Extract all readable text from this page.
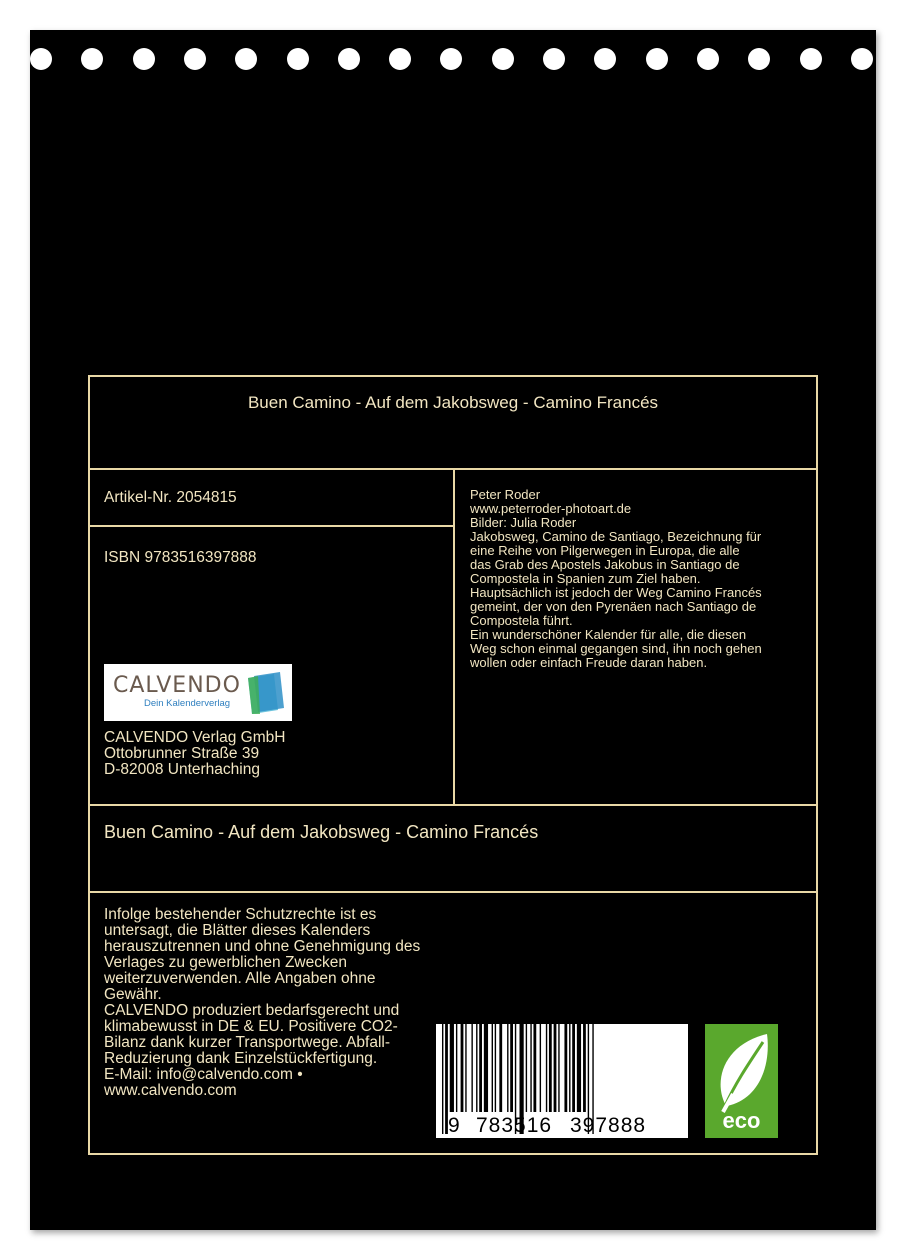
Buen Camino - Auf dem Jakobsweg - Camino Francés
Artikel-Nr. 2054815
ISBN 9783516397888
CALVENDO
Dein Kalenderverlag
CALVENDO Verlag GmbH
Ottobrunner Straße 39
D-82008 Unterhaching
Peter Roder
www.peterroder-photoart.de
Bilder: Julia Roder
Jakobsweg, Camino de Santiago, Bezeichnung für
eine Reihe von Pilgerwegen in Europa, die alle
das Grab des Apostels Jakobus in Santiago de
Compostela in Spanien zum Ziel haben.
Hauptsächlich ist jedoch der Weg Camino Francés
gemeint, der von den Pyrenäen nach Santiago de
Compostela führt.
Ein wunderschöner Kalender für alle, die diesen
Weg schon einmal gegangen sind, ihn noch gehen
wollen oder einfach Freude daran haben.
Buen Camino - Auf dem Jakobsweg - Camino Francés
Infolge bestehender Schutzrechte ist es
untersagt, die Blätter dieses Kalenders
herauszutrennen und ohne Genehmigung des
Verlages zu gewerblichen Zwecken
weiterzuverwenden. Alle Angaben ohne
Gewähr.
CALVENDO produziert bedarfsgerecht und
klimabewusst in DE & EU. Positivere CO2-
Bilanz dank kurzer Transportwege. Abfall-
Reduzierung dank Einzelstückfertigung.
E-Mail: info@calvendo.com •
www.calvendo.com
9 783516 397888	eco
